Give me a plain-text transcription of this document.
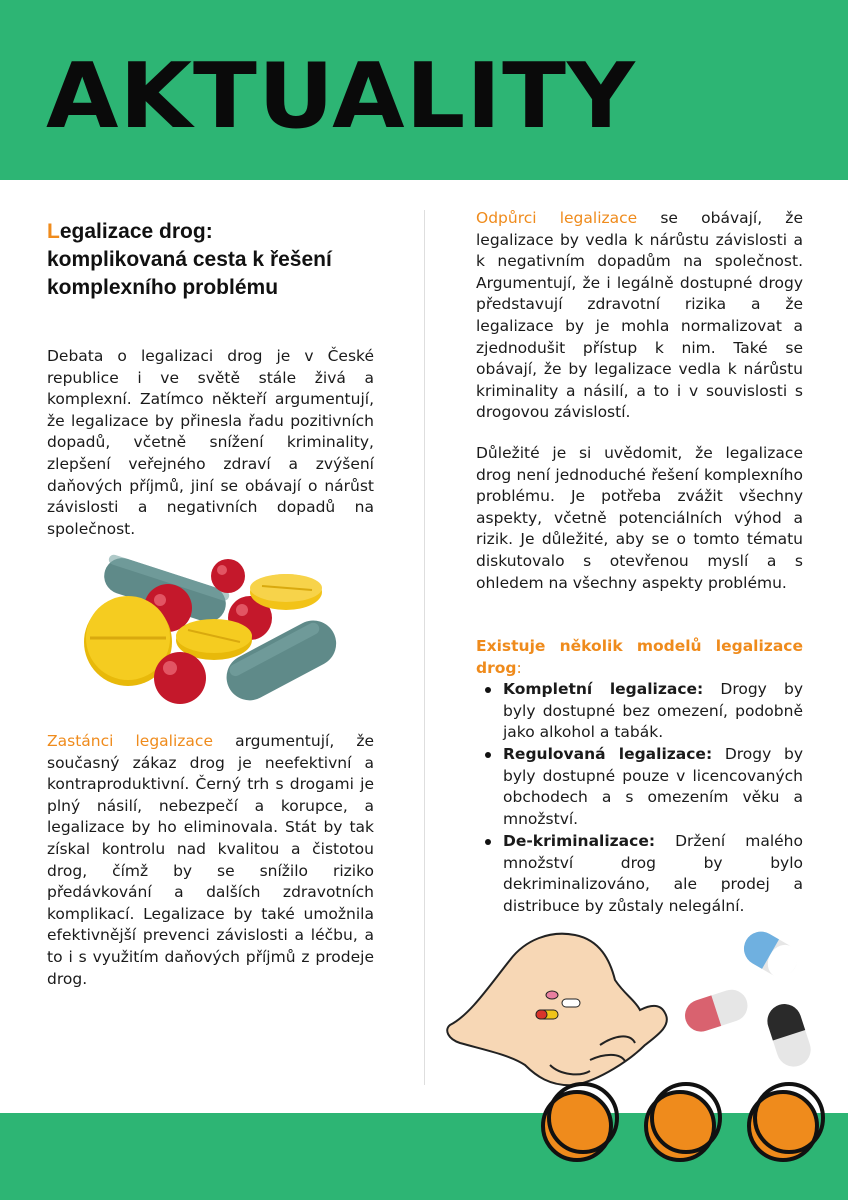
AKTUALITY
Legalizace drog:
komplikovaná cesta k řešení
komplexního problému

Debata o legalizaci drog je v České republice i ve světě stále živá a komplexní. Zatímco někteří argumentují, že legalizace by přinesla řadu pozitivních dopadů, včetně snížení kriminality, zlepšení veřejného zdraví a zvýšení daňových příjmů, jiní se obávají o nárůst závislosti a negativních dopadů na společnost.

Zastánci legalizace argumentují, že současný zákaz drog je neefektivní a kontraproduktivní. Černý trh s drogami je plný násilí, nebezpečí a korupce, a legalizace by ho eliminovala. Stát by tak získal kontrolu nad kvalitou a čistotou drog, čímž by se snížilo riziko předávkování a dalších zdravotních komplikací. Legalizace by také umožnila efektivnější prevenci závislosti a léčbu, a to i s využitím daňových příjmů z prodeje drog.

Odpůrci legalizace se obávají, že legalizace by vedla k nárůstu závislosti a k negativním dopadům na společnost. Argumentují, že i legálně dostupné drogy představují zdravotní rizika a že legalizace by je mohla normalizovat a zjednodušit přístup k nim. Také se obávají, že by legalizace vedla k nárůstu kriminality a násilí, a to i v souvislosti s drogovou závislostí.

Důležité je si uvědomit, že legalizace drog není jednoduché řešení komplexního problému. Je potřeba zvážit všechny aspekty, včetně potenciálních výhod a rizik. Je důležité, aby se o tomto tématu diskutovalo s otevřenou myslí a s ohledem na všechny aspekty problému.

Existuje několik modelů legalizace drog:

Kompletní legalizace: Drogy by byly dostupné bez omezení, podobně jako alkohol a tabák.
Regulovaná legalizace: Drogy by byly dostupné pouze v licencovaných obchodech a s omezením věku a množství.
De-kriminalizace: Držení malého množství drog by bylo dekriminalizováno, ale prodej a distribuce by zůstaly nelegální.
